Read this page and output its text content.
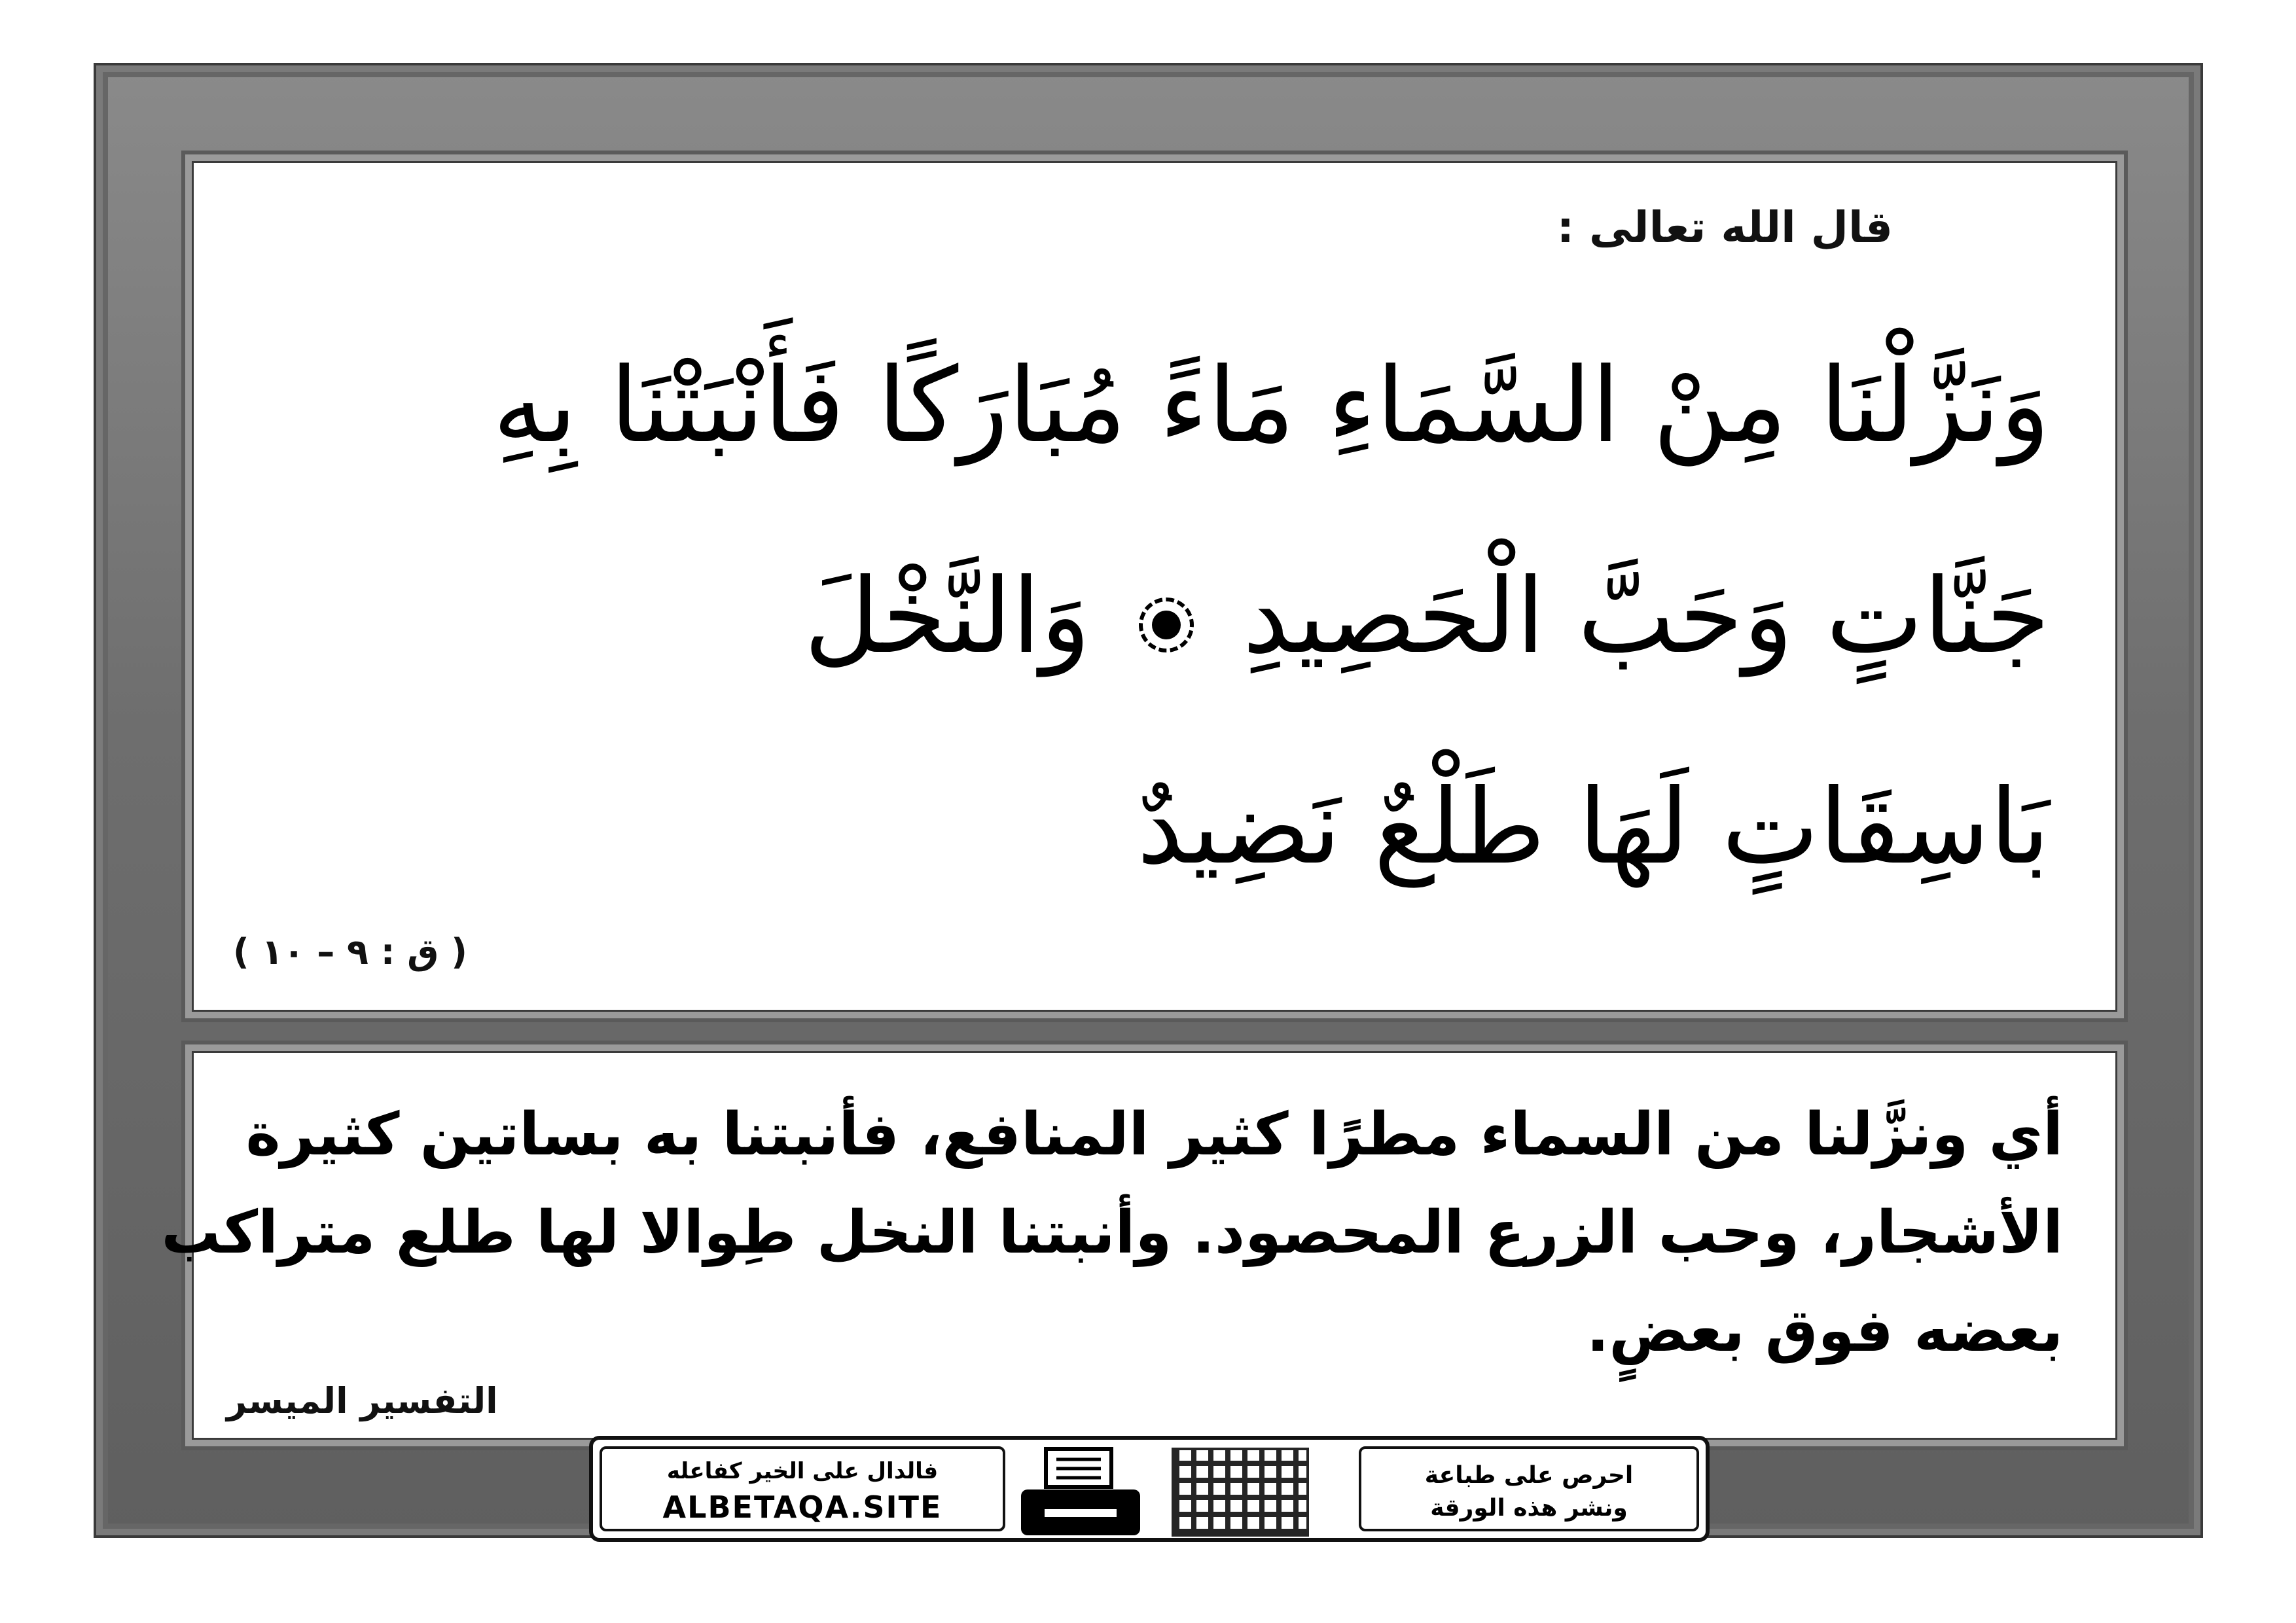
قال الله تعالى :
وَنَزَّلْنَا مِنْ السَّمَاءِ مَاءً مُبَارَكًا فَأَنْبَتْنَا بِهِ
جَنَّاتٍ وَحَبَّ الْحَصِيدِ  وَالنَّخْلَ
بَاسِقَاتٍ لَهَا طَلْعٌ نَضِيدٌ
( ق : ٩ – ١٠ )
أي ونزَّلنا من السماء مطرًا كثير المنافع، فأنبتنا به بساتين كثيرة
الأشجار، وحب الزرع المحصود. وأنبتنا النخل طِوالا لها طلع متراكب
بعضه فوق بعضٍ.
التفسير الميسر
فالدال على الخير كفاعله
ALBETAQA.SITE
احرص على طباعة
ونشر هذه الورقة
